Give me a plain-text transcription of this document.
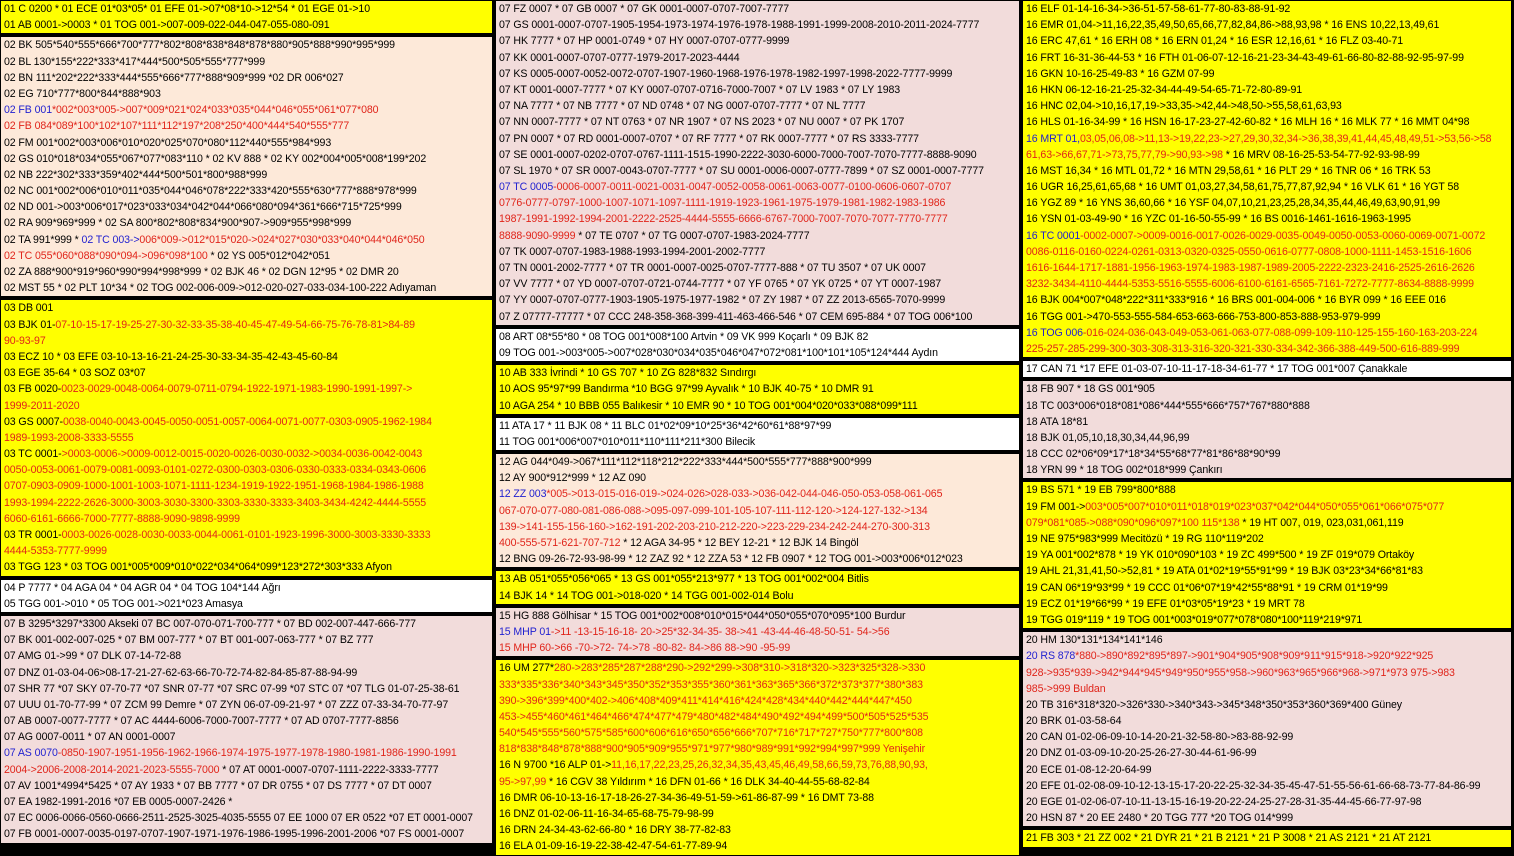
01 C 0200 * 01 ECE 01*03*05* 01 EFE 01->07*08*10->12*54 * 01 EGE 01->10
01 AB 0001->0003 * 01 TOG 001->007-009-022-044-047-055-080-091
02 BK 505*540*555*666*700*777*802*808*838*848*878*880*905*888*990*995*999
02 BL 130*155*222*333*417*444*500*505*555*777*999
02 BN 111*202*222*333*444*555*666*777*888*909*999 *02 DR 006*027
02 EG 710*777*800*844*888*903
02 FB 001*002*003*005->007*009*021*024*033*035*044*046*055*061*077*080
02 FB 084*089*100*102*107*111*112*197*208*250*400*444*540*555*777
02 FM 001*002*003*006*010*020*025*070*080*112*440*555*984*993
02 GS 010*018*034*055*067*077*083*110 * 02 KV 888 * 02 KY 002*004*005*008*199*202
02 NB 222*302*333*359*402*444*500*501*800*988*999
02 NC 001*002*006*010*011*035*044*046*078*222*333*420*555*630*777*888*978*999
02 ND 001->003*006*017*023*033*034*042*044*066*080*094*361*666*715*725*999
02 RA 909*969*999 * 02 SA 800*802*808*834*900*907->909*955*998*999
02 TA 991*999 * 02 TC 003->006*009->012*015*020->024*027*030*033*040*044*046*050
02 TC 055*060*088*090*094->096*098*100 * 02 YS 005*012*042*051
02 ZA 888*900*919*960*990*994*998*999 * 02 BJK 46 * 02 DGN 12*95 * 02 DMR 20
02 MST 55 * 02 PLT 10*34 * 02 TOG 002-006-009->012-020-027-033-034-100-222 Adıyaman
03 DB 001
03 BJK 01-07-10-15-17-19-25-27-30-32-33-35-38-40-45-47-49-54-66-75-76-78-81>84-89
90-93-97
03 ECZ 10 * 03 EFE 03-10-13-16-21-24-25-30-33-34-35-42-43-45-60-84
03 EGE 35-64 * 03 SOZ 03*07
03 FB 0020-0023-0029-0048-0064-0079-0711-0794-1922-1971-1983-1990-1991-1997->
1999-2011-2020
03 GS 0007-0038-0040-0043-0045-0050-0051-0057-0064-0071-0077-0303-0905-1962-1984
1989-1993-2008-3333-5555
03 TC 0001->0003-0006->0009-0012-0015-0020-0026-0030-0032->0034-0036-0042-0043
0050-0053-0061-0079-0081-0093-0101-0272-0300-0303-0306-0330-0333-0334-0343-0606
0707-0903-0909-1000-1001-1003-1071-1111-1234-1919-1922-1951-1968-1984-1986-1988
1993-1994-2222-2626-3000-3003-3030-3300-3303-3330-3333-3403-3434-4242-4444-5555
6060-6161-6666-7000-7777-8888-9090-9898-9999
03 TR 0001-0003-0026-0028-0030-0033-0044-0061-0101-1923-1996-3000-3003-3330-3333
4444-5353-7777-9999
03 TGG 123 * 03 TOG 001*005*009*010*022*034*064*099*123*272*303*333 Afyon
04 P 7777 * 04 AGA 04 * 04 AGR 04 * 04 TOG 104*144 Ağrı
05 TGG 001->010 * 05 TOG 001->021*023 Amasya
07 B 3295*3297*3300 Akseki 07 BC 007-070-071-700-777 * 07 BD 002-007-447-666-777
07 BK 001-002-007-025 * 07 BM 007-777 * 07 BT 001-007-063-777 * 07 BZ 777
07 AMG 01->99 * 07 DLK 07-14-72-88
07 DNZ 01-03-04-06>08-17-21-27-62-63-66-70-72-74-82-84-85-87-88-94-99
07 SHR 77 *07 SKY 07-70-77 *07 SNR 07-77 *07 SRC 07-99 *07 STC 07 *07 TLG 01-07-25-38-61
07 UUU 01-70-77-99 * 07 ZCM 99 Demre * 07 ZYN 06-07-09-21-97 * 07 ZZZ 07-33-34-70-77-97
07 AB 0007-0077-7777 * 07 AC 4444-6006-7000-7007-7777 * 07 AD 0707-7777-8856
07 AG 0007-0011 * 07 AN 0001-0007
07 AS 0070-0850-1907-1951-1956-1962-1966-1974-1975-1977-1978-1980-1981-1986-1990-1991
2004->2006-2008-2014-2021-2023-5555-7000 * 07 AT 0001-0007-0707-1111-2222-3333-7777
07 AV 1001*4994*5425 * 07 AY 1933 * 07 BB 7777 * 07 DR 0755 * 07 DS 7777 * 07 DT 0007
07 EA 1982-1991-2016 *07 EB 0005-0007-2426 *
07 EC 0006-0066-0560-0666-2511-2525-3025-4035-5555 07 EE 1000 07 ER 0522 *07 ET 0001-0007
07 FB 0001-0007-0035-0197-0707-1907-1971-1976-1986-1995-1996-2001-2006 *07 FS 0001-0007
07 FZ 0007 * 07 GB 0007 * 07 GK 0001-0007-0707-7007-7777
07 GS 0001-0007-0707-1905-1954-1973-1974-1976-1978-1988-1991-1999-2008-2010-2011-2024-7777
07 HK 7777 * 07 HP 0001-0749 * 07 HY 0007-0707-0777-9999
07 KK 0001-0007-0707-0777-1979-2017-2023-4444
07 KS 0005-0007-0052-0072-0707-1907-1960-1968-1976-1978-1982-1997-1998-2022-7777-9999
07 KT 0001-0007-7777 * 07 KY 0007-0707-0716-7000-7007 * 07 LV 1983 * 07 LY 1983
07 NA 7777 * 07 NB 7777 * 07 ND 0748 * 07 NG 0007-0707-7777 * 07 NL 7777
07 NN 0007-7777 * 07 NT 0763 * 07 NR 1907 * 07 NS 2023 * 07 NU 0007 * 07 PK 1707
07 PN 0007 * 07 RD 0001-0007-0707 * 07 RF 7777 * 07 RK 0007-7777 * 07 RS 3333-7777
07 SE 0001-0007-0202-0707-0767-1111-1515-1990-2222-3030-6000-7000-7007-7070-7777-8888-9090
07 SL 1970 * 07 SR 0007-0043-0707-7777 * 07 SU 0001-0006-0007-0777-7899 * 07 SZ 0001-0007-7777
07 TC 0005-0006-0007-0011-0021-0031-0047-0052-0058-0061-0063-0077-0100-0606-0607-0707
0776-0777-0797-1000-1007-1071-1097-1111-1919-1923-1961-1975-1979-1981-1982-1983-1986
1987-1991-1992-1994-2001-2222-2525-4444-5555-6666-6767-7000-7007-7070-7077-7770-7777
8888-9090-9999 * 07 TE 0707 * 07 TG 0007-0707-1983-2024-7777
07 TK 0007-0707-1983-1988-1993-1994-2001-2002-7777
07 TN 0001-2002-7777 * 07 TR 0001-0007-0025-0707-7777-888 * 07 TU 3507 * 07 UK 0007
07 VV 7777 * 07 YD 0007-0707-0721-0744-7777 * 07 YF 0765 * 07 YK 0725 * 07 YT 0007-1987
07 YY 0007-0707-0777-1903-1905-1975-1977-1982 * 07 ZY 1987 * 07 ZZ 2013-6565-7070-9999
07 Z 07777-77777 * 07 CCC 248-358-368-399-411-463-466-546 * 07 CEM 695-884 * 07 TOG 006*100
08 ART 08*55*80 * 08 TOG 001*008*100 Artvin * 09 VK 999 Koçarlı * 09 BJK 82
09 TOG 001->003*005->007*028*030*034*035*046*047*072*081*100*101*105*124*444 Aydın
10 AB 333 İvrindi * 10 GS 707 * 10 ZG 828*832 Sındırgı
10 AOS 95*97*99 Bandırma *10 BGG 97*99 Ayvalık * 10 BJK 40-75 * 10 DMR 91
10 AGA 254 * 10 BBB 055 Balıkesir * 10 EMR 90 * 10 TOG 001*004*020*033*088*099*111
11 ATA 17 * 11 BJK 08 * 11 BLC 01*02*09*10*25*36*42*60*61*88*97*99
11 TOG 001*006*007*010*011*110*111*211*300 Bilecik
12 AG 044*049->067*111*112*118*212*222*333*444*500*555*777*888*900*999
12 AY 900*912*999 * 12 AZ 090
12 ZZ 003*005->013-015-016-019->024-026>028-033->036-042-044-046-050-053-058-061-065
067-070-077-080-081-086-088->095-097-099-101-105-107-111-112-120->124-127-132->134
139->141-155-156-160->162-191-202-203-210-212-220->223-229-234-242-244-270-300-313
400-555-571-621-707-712 * 12 AGA 34-95 * 12 BEY 12-21 * 12 BJK 14 Bingöl
12 BNG 09-26-72-93-98-99 * 12 ZAZ 92 * 12 ZZA 53 * 12 FB 0907 * 12 TOG 001->003*006*012*023
13 AB 051*055*056*065 * 13 GS 001*055*213*977 * 13 TOG 001*002*004 Bitlis
14 BJK 14 * 14 TOG 001->018-020 * 14 TGG 001-002-014 Bolu
15 HG 888 Gölhisar * 15 TOG 001*002*008*010*015*044*050*055*070*095*100 Burdur
15 MHP 01->11 -13-15-16-18- 20->25*32-34-35- 38->41 -43-44-46-48-50-51- 54->56
15 MHP 60->66 -70->72- 74->78 -80-82- 84->86 88->90 -95-99
16 UM 277*280->283*285*287*288*290->292*299->308*310->318*320->323*325*328->330
333*335*336*340*343*345*350*352*353*355*360*361*363*365*366*372*373*377*380*383
390->396*399*400*402->406*408*409*411*414*416*424*428*434*440*442*444*447*450
453->455*460*461*464*466*474*477*479*480*482*484*490*492*494*499*500*505*525*535
540*545*555*560*575*585*600*606*616*650*656*666*707*716*717*727*750*777*800*808
818*838*848*878*888*900*905*909*955*971*977*980*989*991*992*994*997*999 Yenişehir
16 N 9700 *16 ALP 01->11,16,17,22,23,25,26,32,34,35,43,45,46,49,58,66,59,73,76,88,90,93,
95->97,99 * 16 CGV 38 Yıldırım * 16 DFN 01-66 * 16 DLK 34-40-44-55-68-82-84
16 DMR 06-10-13-16-17-18-26-27-34-36-49-51-59->61-86-87-99 * 16 DMT 73-88
16 DNZ 01-02-06-11-16-34-65-68-75-79-98-99
16 DRN 24-34-43-62-66-80 * 16 DRY 38-77-82-83
16 ELA 01-09-16-19-22-38-42-47-54-61-77-89-94
16 ELF 01-14-16-34->36-51-57-58-61-77-80-83-88-91-92
16 EMR 01,04->11,16,22,35,49,50,65,66,77,82,84,86->88,93,98 * 16 ENS 10,22,13,49,61
16 ERC 47,61 * 16 ERH 08 * 16 ERN 01,24 * 16 ESR 12,16,61 * 16 FLZ 03-40-71
16 FRT 16-31-36-44-53 * 16 FTH 01-06-07-12-16-21-23-34-43-49-61-66-80-82-88-92-95-97-99
16 GKN 10-16-25-49-83 * 16 GZM 07-99
16 HKN 06-12-16-21-25-32-34-44-49-54-65-71-72-80-89-91
16 HNC 02,04->10,16,17,19->33,35->42,44->48,50->55,58,61,63,93
16 HLS 01-16-34-99 * 16 HSN 16-17-23-27-42-60-82 * 16 MLH 16 * 16 MLK 77 * 16 MMT 04*98
16 MRT 01,03,05,06,08->11,13->19,22,23->27,29,30,32,34->36,38,39,41,44,45,48,49,51->53,56->58
61,63->66,67,71->73,75,77,79->90,93->98 * 16 MRV 08-16-25-53-54-77-92-93-98-99
16 MST 16,34 * 16 MTL 01,72 * 16 MTN 29,58,61 * 16 PLT 29 * 16 TNR 06 * 16 TRK 53
16 UGR 16,25,61,65,68 * 16 UMT 01,03,27,34,58,61,75,77,87,92,94 * 16 VLK 61 * 16 YGT 58
16 YGZ 89 * 16 YNS 36,60,66 * 16 YSF 04,07,10,21,23,25,28,34,35,44,46,49,63,90,91,99
16 YSN 01-03-49-90 * 16 YZC 01-16-50-55-99 * 16 BS 0016-1461-1616-1963-1995
16 TC 0001-0002-0007->0009-0016-0017-0026-0029-0035-0049-0050-0053-0060-0069-0071-0072
0086-0116-0160-0224-0261-0313-0320-0325-0550-0616-0777-0808-1000-1111-1453-1516-1606
1616-1644-1717-1881-1956-1963-1974-1983-1987-1989-2005-2222-2323-2416-2525-2616-2626
3232-3434-4110-4444-5353-5516-5555-6006-6100-6161-6565-7161-7272-7777-8634-8888-9999
16 BJK 004*007*048*222*311*333*916 * 16 BRS 001-004-006 * 16 BYR 099 * 16 EEE 016
16 TGG 001->470-553-555-584-653-663-666-753-800-853-888-953-979-999
16 TOG 006-016-024-036-043-049-053-061-063-077-088-099-109-110-125-155-160-163-203-224
225-257-285-299-300-303-308-313-316-320-321-330-334-342-366-388-449-500-616-889-999
17 CAN 71 *17 EFE 01-03-07-10-11-17-18-34-61-77 * 17 TOG 001*007 Çanakkale
18 FB 907 * 18 GS 001*905
18 TC 003*006*018*081*086*444*555*666*757*767*880*888
18 ATA 18*81
18 BJK 01,05,10,18,30,34,44,96,99
18 CCC 02*06*09*17*18*34*55*68*77*81*86*88*90*99
18 YRN 99 * 18 TOG 002*018*999 Çankırı
19 BS 571 * 19 EB 799*800*888
19 FM 001->003*005*007*010*011*018*019*023*037*042*044*050*055*061*066*075*077
079*081*085->088*090*096*097*100 115*138 * 19 HT 007, 019, 023,031,061,119
19 NE 975*983*999 Mecitözü * 19 RG 110*119*202
19 YA 001*002*878 * 19 YK 010*090*103 * 19 ZC 499*500 * 19 ZF 019*079 Ortaköy
19 AHL 21,31,41,50->52,81 * 19 ATA 01*02*19*55*91*99 * 19 BJK 03*23*34*66*81*83
19 CAN 06*19*93*99 * 19 CCC 01*06*07*19*42*55*88*91 * 19 CRM 01*19*99
19 ECZ 01*19*66*99 * 19 EFE 01*03*05*19*23 * 19 MRT 78
19 TGG 019*119 * 19 TOG 001*003*019*077*078*080*100*119*219*971
20 HM 130*131*134*141*146
20 RS 878*880->890*892*895*897->901*904*905*908*909*911*915*918->920*922*925
928->935*939->942*944*945*949*950*955*958->960*963*965*966*968->971*973 975->983
985->999 Buldan
20 TB 316*318*320->326*330->340*343->345*348*350*353*360*369*400 Güney
20 BRK 01-03-58-64
20 CAN 01-02-06-09-10-14-20-21-32-58-80->83-88-92-99
20 DNZ 01-03-09-10-20-25-26-27-30-44-61-96-99
20 ECE 01-08-12-20-64-99
20 EFE 01-02-08-09-10-12-13-15-17-20-22-25-32-34-35-45-47-51-55-56-61-66-68-73-77-84-86-99
20 EGE 01-02-06-07-10-11-13-15-16-19-20-22-24-25-27-28-31-35-44-45-66-77-97-98
20 HSN 87 * 20 EE 2480 * 20 TGG 777 *20 TOG 014*999
21 FB 303 * 21 ZZ 002 * 21 DYR 21 * 21 B 2121 * 21 P 3008 * 21 AS 2121 * 21 AT 2121
